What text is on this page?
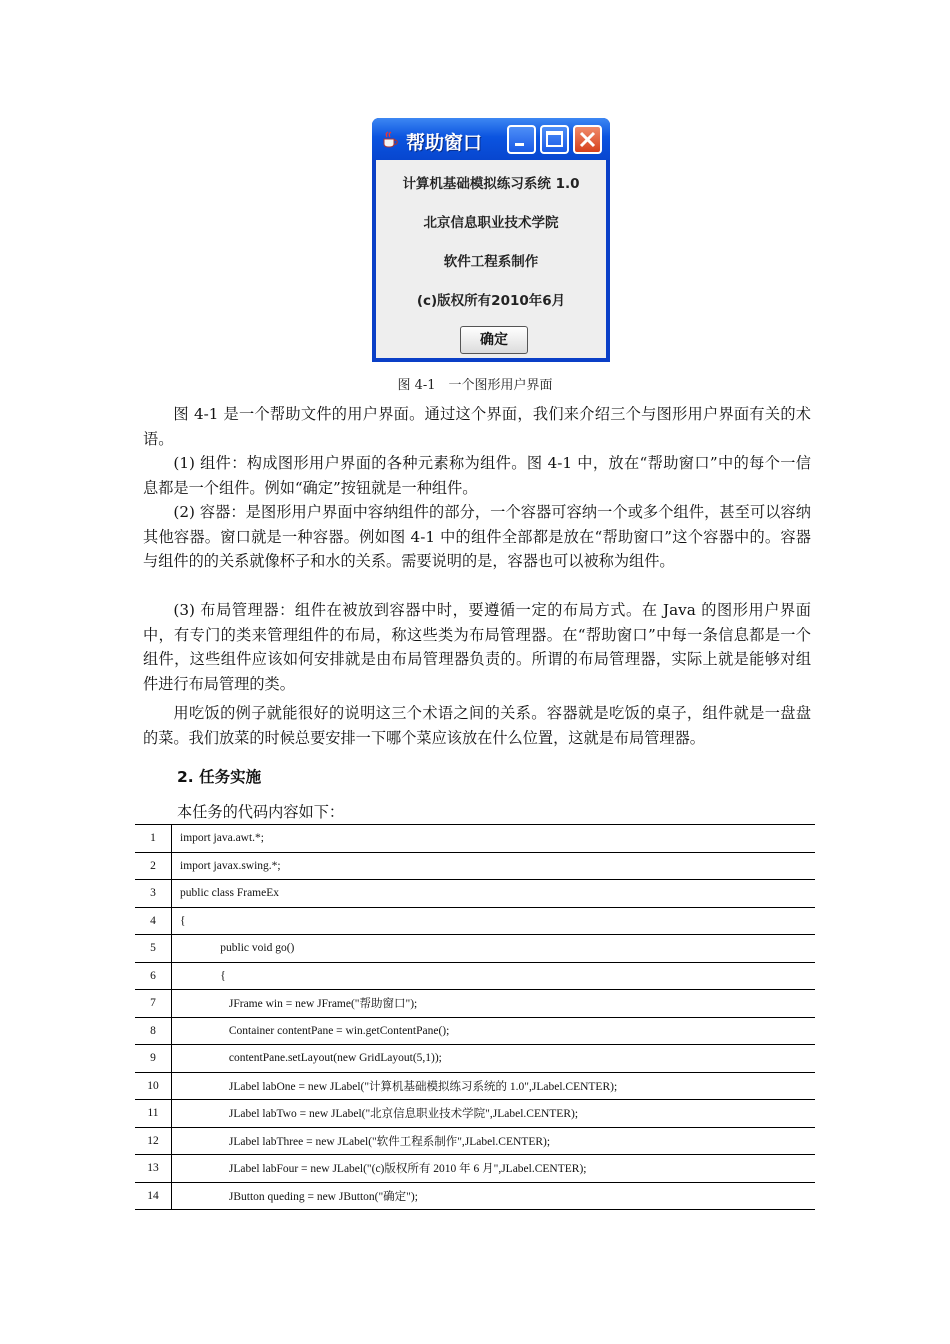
帮助窗口
计算机基础模拟练习系统 1.0
北京信息职业技术学院
软件工程系制作
(c)版权所有2010年6月
确定
图 4-1　一个图形用户界面

图 4-1 是一个帮助文件的用户界面。通过这个界面，我们来介绍三个与图形用户界面有关的术语。

(1) 组件：构成图形用户界面的各种元素称为组件。图 4-1 中，放在“帮助窗口”中的每个一信息都是一个组件。例如“确定”按钮就是一种组件。

(2) 容器：是图形用户界面中容纳组件的部分，一个容器可容纳一个或多个组件，甚至可以容纳其他容器。窗口就是一种容器。例如图 4-1 中的组件全部都是放在“帮助窗口”这个容器中的。容器与组件的的关系就像杯子和水的关系。需要说明的是，容器也可以被称为组件。

(3) 布局管理器：组件在被放到容器中时，要遵循一定的布局方式。在 Java 的图形用户界面中，有专门的类来管理组件的布局，称这些类为布局管理器。在“帮助窗口”中每一条信息都是一个组件，这些组件应该如何安排就是由布局管理器负责的。所谓的布局管理器，实际上就是能够对组件进行布局管理的类。

用吃饭的例子就能很好的说明这三个术语之间的关系。容器就是吃饭的桌子，组件就是一盘盘的菜。我们放菜的时候总要安排一下哪个菜应该放在什么位置，这就是布局管理器。

2. 任务实施
本任务的代码内容如下：
1	import java.awt.*;
2	import javax.swing.*;
3	public class FrameEx
4	{
5	public void go()
6	{
7	JFrame win = new JFrame("帮助窗口");
8	Container contentPane = win.getContentPane();
9	contentPane.setLayout(new GridLayout(5,1));
10	JLabel labOne = new JLabel("计算机基础模拟练习系统的 1.0",JLabel.CENTER);
11	JLabel labTwo = new JLabel("北京信息职业技术学院",JLabel.CENTER);
12	JLabel labThree = new JLabel("软件工程系制作",JLabel.CENTER);
13	JLabel labFour = new JLabel("(c)版权所有 2010 年 6 月",JLabel.CENTER);
14	JButton queding = new JButton("确定");
